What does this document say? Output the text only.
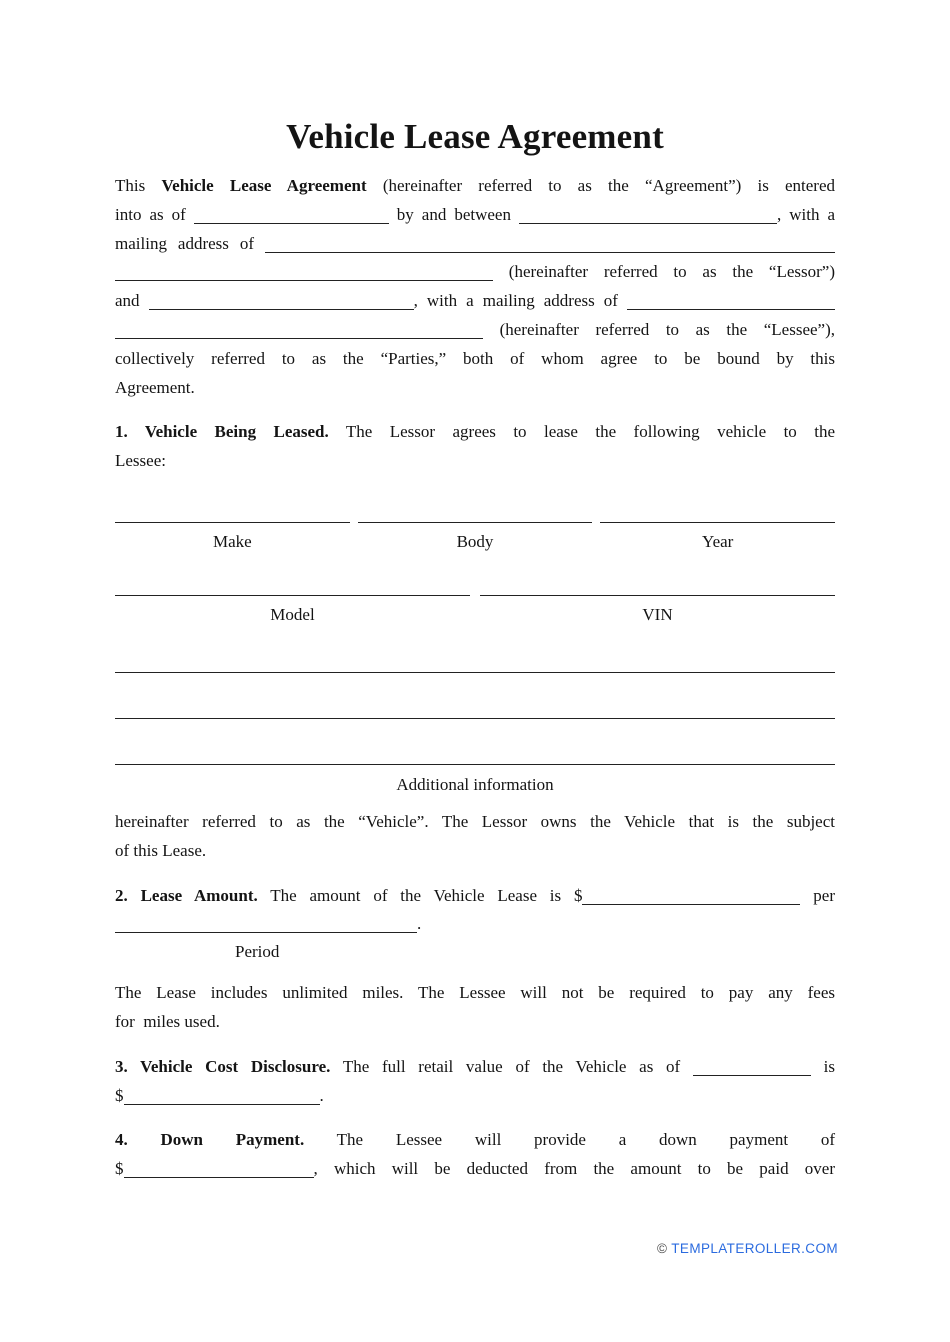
Vehicle Lease Agreement
This Vehicle Lease Agreement (hereinafter referred to as the “Agreement”) is entered
into as of	by and between	, with a
mailing address of
(hereinafter referred to as the “Lessor”)
and	, with a mailing address of
(hereinafter referred to as the “Lessee”),
collectively referred to as the “Parties,” both of whom agree to be bound by this
Agreement.
1. Vehicle Being Leased. The Lessor agrees to lease the following vehicle to the
Lessee:
Make	Body	Year
Model	VIN
Additional information
hereinafter referred to as the “Vehicle”. The Lessor owns the Vehicle that is the subject
of this Lease.
2. Lease Amount. The amount of the Vehicle Lease is $	per
.
Period
The Lease includes unlimited miles. The Lessee will not be required to pay any fees
for  miles used.
3. Vehicle Cost Disclosure. The full retail value of the Vehicle as of	is
$	.
4. Down Payment. The Lessee will provide a down payment of
$	, which will be deducted from the amount to be paid over
© TEMPLATEROLLER.COM
